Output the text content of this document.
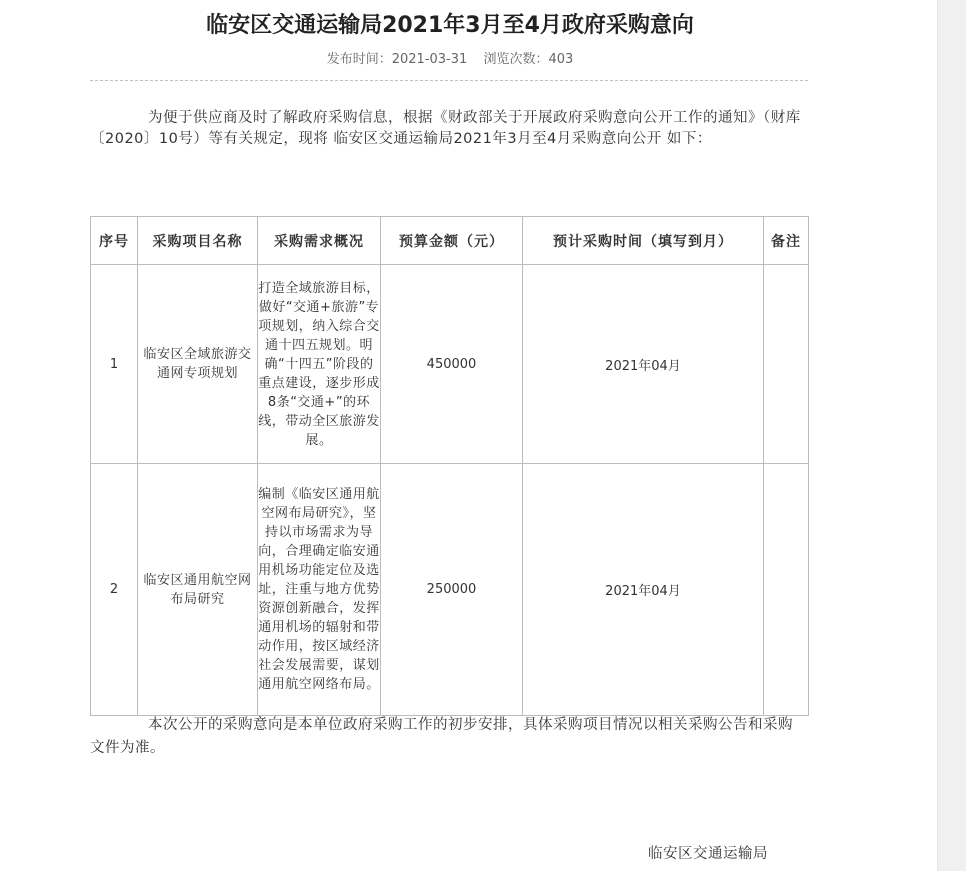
临安区交通运输局2021年3月至4月政府采购意向
发布时间：2021-03-31 浏览次数：403

为便于供应商及时了解政府采购信息，根据《财政部关于开展政府采购意向公开工作的通知》（财库〔2020〕10号）等有关规定，现将 临安区交通运输局2021年3月至4月采购意向公开 如下：

序号	采购项目名称	采购需求概况	预算金额（元）	预计采购时间（填写到月）	备注
1	临安区全域旅游交通网专项规划	打造全域旅游目标，做好“交通+旅游”专项规划，纳入综合交通十四五规划。明确“十四五”阶段的重点建设，逐步形成8条“交通+”的环线，带动全区旅游发展。	450000	2021年04月	
2	临安区通用航空网布局研究	编制《临安区通用航空网布局研究》，坚持以市场需求为导向，合理确定临安通用机场功能定位及选址，注重与地方优势资源创新融合，发挥通用机场的辐射和带动作用，按区域经济社会发展需要，谋划通用航空网络布局。	250000	2021年04月	

本次公开的采购意向是本单位政府采购工作的初步安排，具体采购项目情况以相关采购公告和采购文件为准。

临安区交通运输局
